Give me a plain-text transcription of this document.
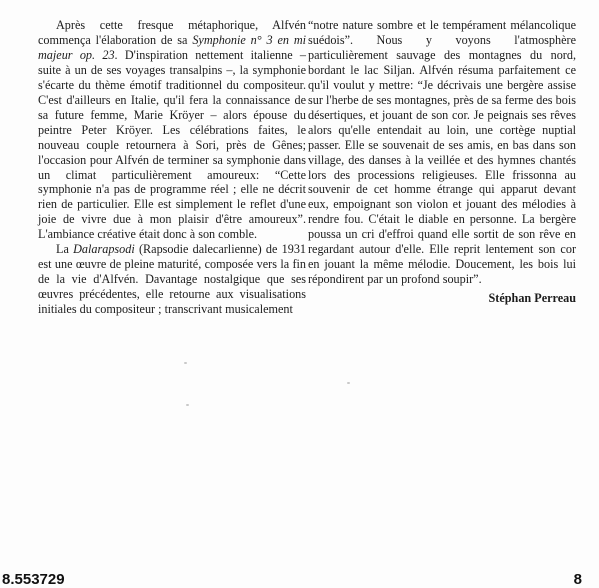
Après cette fresque métaphorique, Alfvén commença l'élaboration de sa Symphonie n° 3 en mi majeur op. 23. D'inspiration nettement italienne – suite à un de ses voyages transalpins –, la symphonie s'écarte du thème émotif traditionnel du compositeur. C'est d'ailleurs en Italie, qu'il fera la connaissance de sa future femme, Marie Kröyer – alors épouse du peintre Peter Kröyer. Les célébrations faites, le nouveau couple retournera à Sori, près de Gênes; l'occasion pour Alfvén de terminer sa symphonie dans un climat particulièrement amoureux: “Cette symphonie n'a pas de programme réel ; elle ne décrit rien de particulier. Elle est simplement le reflet d'une joie de vivre due à mon plaisir d'être amoureux”. L'ambiance créative était donc à son comble.

La Dalarapsodi (Rapsodie dalecarlienne) de 1931 est une œuvre de pleine maturité, composée vers la fin de la vie d'Alfvén. Davantage nostalgique que ses œuvres précédentes, elle retourne aux visualisations initiales du compositeur ; transcrivant musicalement

“notre nature sombre et le tempérament mélancolique suédois”. Nous y voyons l'atmosphère particulièrement sauvage des montagnes du nord, bordant le lac Siljan. Alfvén résuma parfaitement ce qu'il voulut y mettre: “Je décrivais une bergère assise sur l'herbe de ses montagnes, près de sa ferme des bois désertiques, et jouant de son cor. Je peignais ses rêves alors qu'elle entendait au loin, une cortège nuptial passer. Elle se souvenait de ses amis, en bas dans son village, des danses à la veillée et des hymnes chantés lors des processions religieuses. Elle frissonna au souvenir de cet homme étrange qui apparut devant eux, empoignant son violon et jouant des mélodies à rendre fou. C'était le diable en personne. La bergère poussa un cri d'effroi quand elle sortit de son rêve en regardant autour d'elle. Elle reprit lentement son cor en jouant la même mélodie. Doucement, les bois lui répondirent par un profond soupir”.

Stéphan Perreau
8.553729	8
